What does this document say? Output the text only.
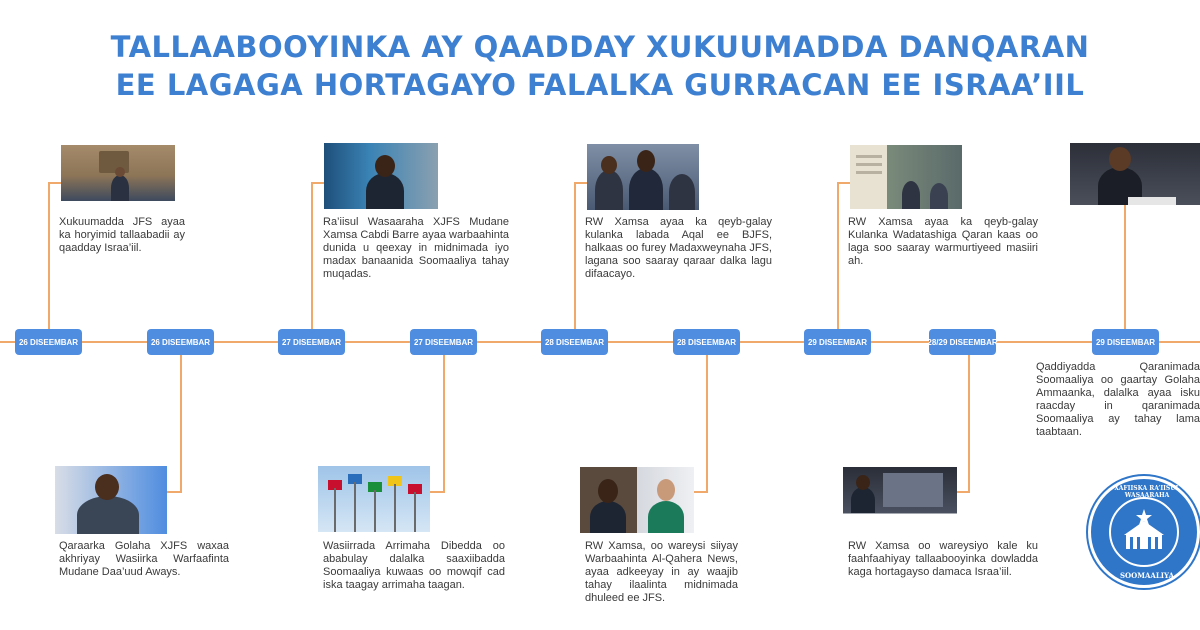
TALLAABOOYINKA AY QAADDAY XUKUUMADDA DANQARAN
EE LAGAGA HORTAGAYO FALALKA GURRACAN EE ISRAA’IIL
26 DISEEMBAR	26 DISEEMBAR	27 DISEEMBAR	27 DISEEMBAR	28 DISEEMBAR	28 DISEEMBAR	29 DISEEMBAR	28/29 DISEEMBAR	29 DISEEMBAR
Xukuumadda JFS ayaa ka horyimid tallaabadii ay qaadday Israa’iil.
Ra’iisul Wasaaraha XJFS Mudane Xamsa Cabdi Barre ayaa warbaahinta dunida u qeexay in midnimada iyo madax banaanida Soomaaliya tahay muqadas.
RW Xamsa ayaa ka qeyb-galay kulanka labada Aqal ee BJFS, halkaas oo furey Madaxweynaha JFS, lagana soo saaray qaraar dalka lagu difaacayo.
RW Xamsa ayaa ka qeyb-galay Kulanka Wadatashiga Qaran kaas oo laga soo saaray warmurtiyeed masiiri ah.
Qaddiyadda Qaranimada Soomaaliya oo gaartay Golaha Ammaanka, dalalka ayaa isku raacday in qaranimada Soomaaliya ay tahay lama taabtaan.
Qaraarka Golaha XJFS waxaa akhriyay Wasiirka Warfaafinta Mudane Daa’uud Aways.
Wasiirrada Arrimaha Dibedda oo ababulay dalalka saaxiibadda Soomaaliya kuwaas oo mowqif cad iska taagay arrimaha taagan.
RW Xamsa, oo wareysi siiyay Warbaahinta Al-Qahera News, ayaa adkeeyay in ay waajib tahay ilaalinta midnimada dhuleed ee JFS.
RW Xamsa oo wareysiyo kale ku faahfaahiyay tallaabooyinka dowladda kaga hortagayso damaca Israa’iil.
XAFIISKA RA’IISUL WASAARAHA
SOOMAALIYA
